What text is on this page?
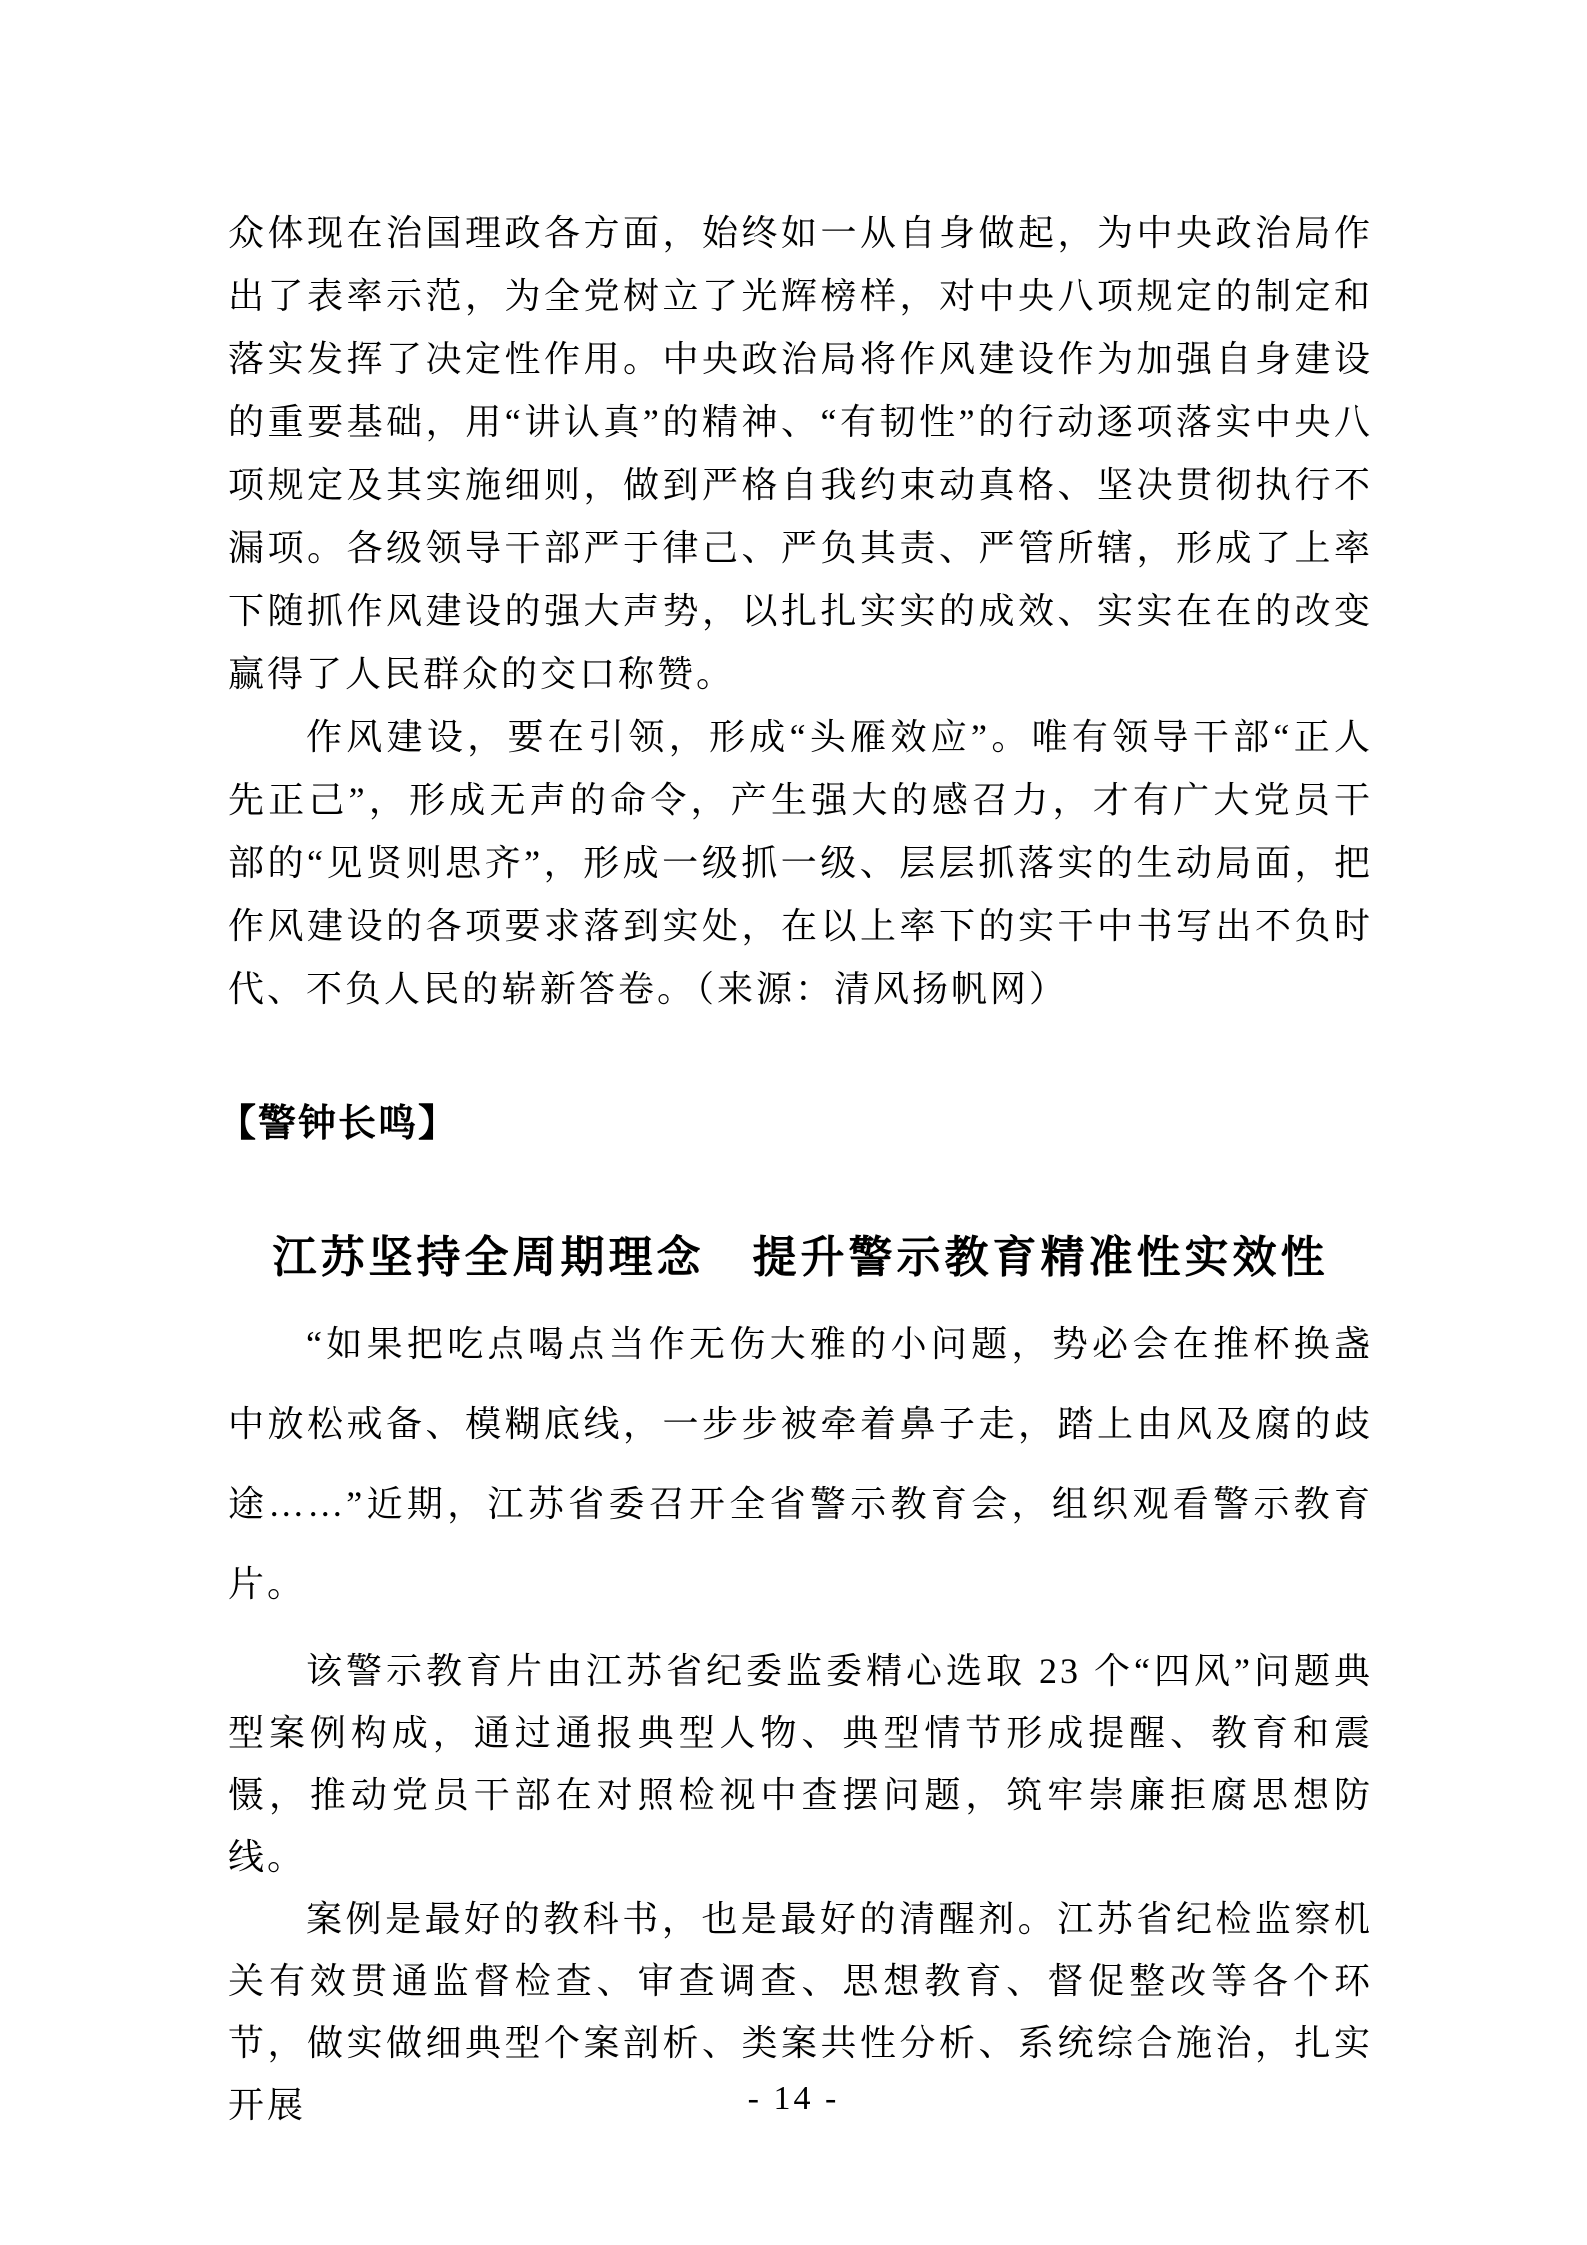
众体现在治国理政各方面，始终如一从自身做起，为中央政治局作出了表率示范，为全党树立了光辉榜样，对中央八项规定的制定和落实发挥了决定性作用。中央政治局将作风建设作为加强自身建设的重要基础，用“讲认真”的精神、“有韧性”的行动逐项落实中央八项规定及其实施细则，做到严格自我约束动真格、坚决贯彻执行不漏项。各级领导干部严于律己、严负其责、严管所辖，形成了上率下随抓作风建设的强大声势，以扎扎实实的成效、实实在在的改变赢得了人民群众的交口称赞。

作风建设，要在引领，形成“头雁效应”。唯有领导干部“正人先正己”，形成无声的命令，产生强大的感召力，才有广大党员干部的“见贤则思齐”，形成一级抓一级、层层抓落实的生动局面，把作风建设的各项要求落到实处，在以上率下的实干中书写出不负时代、不负人民的崭新答卷。（来源：清风扬帆网）

【警钟长鸣】
江苏坚持全周期理念　提升警示教育精准性实效性

“如果把吃点喝点当作无伤大雅的小问题，势必会在推杯换盏中放松戒备、模糊底线，一步步被牵着鼻子走，踏上由风及腐的歧途……”近期，江苏省委召开全省警示教育会，组织观看警示教育片。

该警示教育片由江苏省纪委监委精心选取 23 个“四风”问题典型案例构成，通过通报典型人物、典型情节形成提醒、教育和震慑，推动党员干部在对照检视中查摆问题，筑牢崇廉拒腐思想防线。

案例是最好的教科书，也是最好的清醒剂。江苏省纪检监察机关有效贯通监督检查、审查调查、思想教育、督促整改等各个环节，做实做细典型个案剖析、类案共性分析、系统综合施治，扎实开展	- 14 -
